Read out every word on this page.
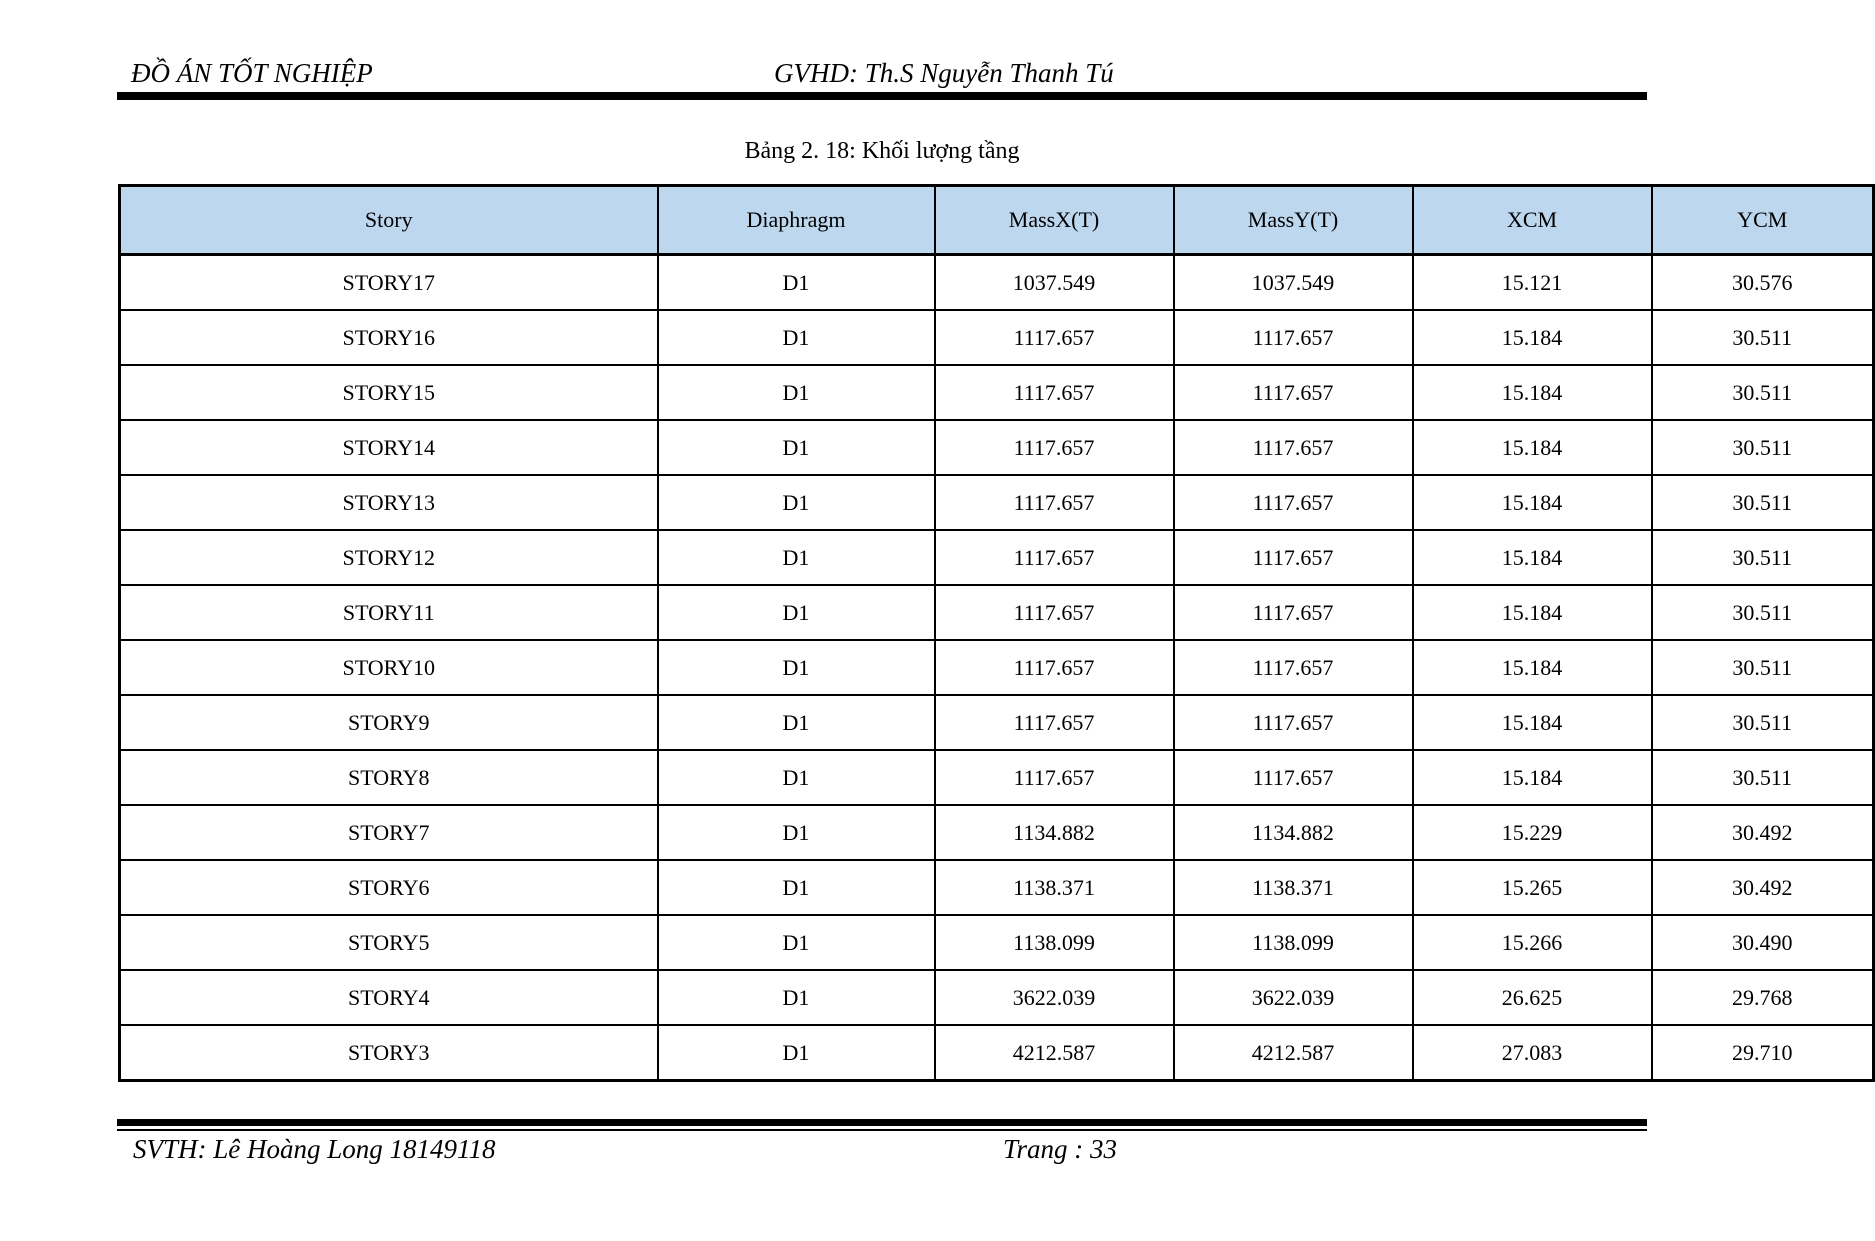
ĐỒ ÁN TỐT NGHIỆP	GVHD: Th.S Nguyễn Thanh Tú
Bảng 2. 18: Khối lượng tầng
Story	Diaphragm	MassX(T)	MassY(T)	XCM	YCM
STORY17	D1	1037.549	1037.549	15.121	30.576
STORY16	D1	1117.657	1117.657	15.184	30.511
STORY15	D1	1117.657	1117.657	15.184	30.511
STORY14	D1	1117.657	1117.657	15.184	30.511
STORY13	D1	1117.657	1117.657	15.184	30.511
STORY12	D1	1117.657	1117.657	15.184	30.511
STORY11	D1	1117.657	1117.657	15.184	30.511
STORY10	D1	1117.657	1117.657	15.184	30.511
STORY9	D1	1117.657	1117.657	15.184	30.511
STORY8	D1	1117.657	1117.657	15.184	30.511
STORY7	D1	1134.882	1134.882	15.229	30.492
STORY6	D1	1138.371	1138.371	15.265	30.492
STORY5	D1	1138.099	1138.099	15.266	30.490
STORY4	D1	3622.039	3622.039	26.625	29.768
STORY3	D1	4212.587	4212.587	27.083	29.710
SVTH: Lê Hoàng Long 18149118	Trang : 33
